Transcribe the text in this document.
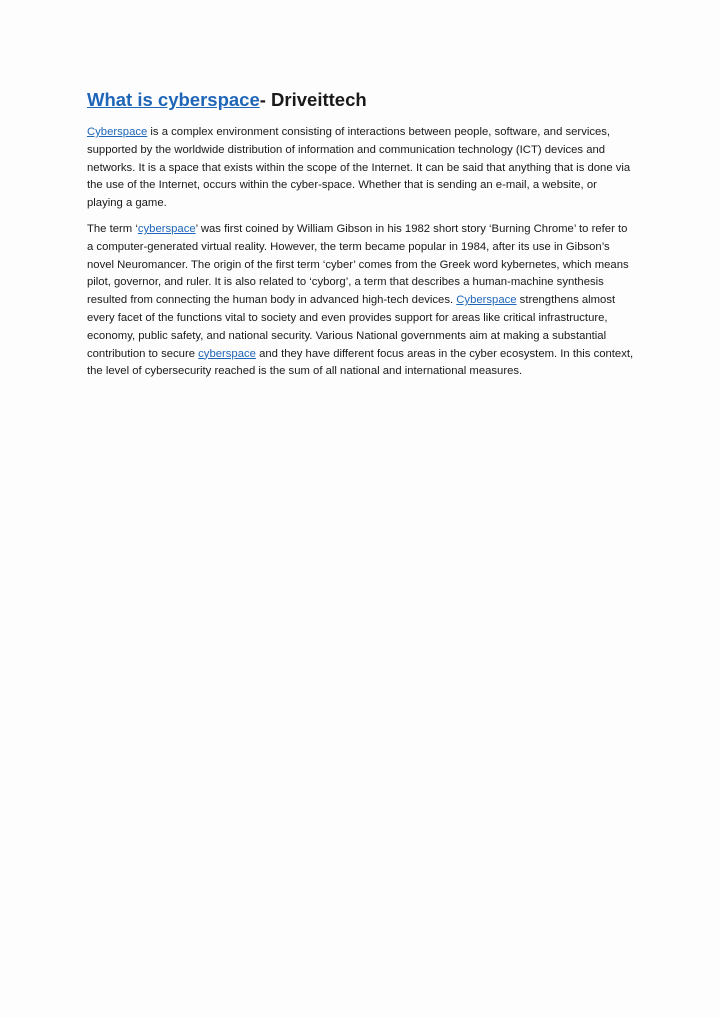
What is cyberspace- Driveittech

Cyberspace is a complex environment consisting of interactions between people, software, and services, supported by the worldwide distribution of information and communication technology (ICT) devices and networks. It is a space that exists within the scope of the Internet. It can be said that anything that is done via the use of the Internet, occurs within the cyber-space. Whether that is sending an e-mail, a website, or playing a game.

The term ‘cyberspace’ was first coined by William Gibson in his 1982 short story ‘Burning Chrome’ to refer to a computer-generated virtual reality. However, the term became popular in 1984, after its use in Gibson’s novel Neuromancer. The origin of the first term ‘cyber’ comes from the Greek word kybernetes, which means pilot, governor, and ruler. It is also related to ‘cyborg’, a term that describes a human-machine synthesis resulted from connecting the human body in advanced high-tech devices. Cyberspace strengthens almost every facet of the functions vital to society and even provides support for areas like critical infrastructure, economy, public safety, and national security. Various National governments aim at making a substantial contribution to secure cyberspace and they have different focus areas in the cyber ecosystem. In this context, the level of cybersecurity reached is the sum of all national and international measures.
